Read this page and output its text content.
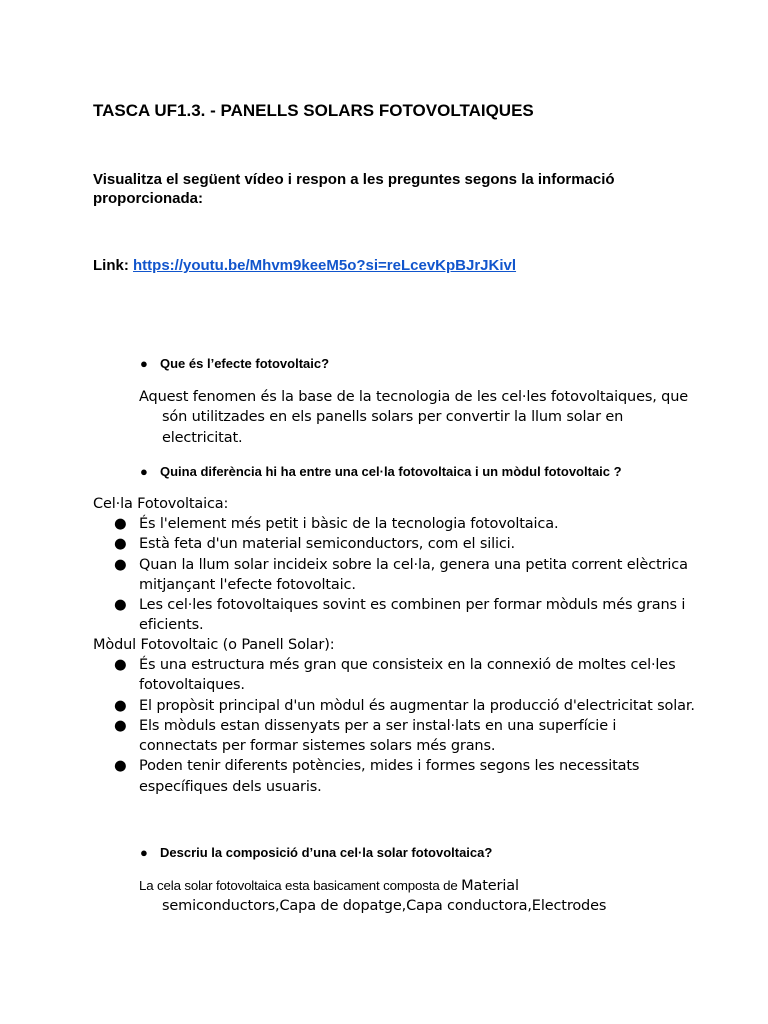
TASCA UF1.3. - PANELLS SOLARS FOTOVOLTAIQUES
Visualitza el següent vídeo i respon a les preguntes segons la informació
proporcionada:
Link: https://youtu.be/Mhvm9keeM5o?si=reLcevKpBJrJKivl
● Que és l’efecte fotovoltaic?
Aquest fenomen és la base de la tecnologia de les cel·les fotovoltaiques, que
són utilitzades en els panells solars per convertir la llum solar en
electricitat.
● Quina diferència hi ha entre una cel·la fotovoltaica i un mòdul fotovoltaic ?
Cel·la Fotovoltaica:
● És l'element més petit i bàsic de la tecnologia fotovoltaica.
● Està feta d'un material semiconductors, com el silici.
● Quan la llum solar incideix sobre la cel·la, genera una petita corrent elèctrica
mitjançant l'efecte fotovoltaic.
● Les cel·les fotovoltaiques sovint es combinen per formar mòduls més grans i
eficients.
Mòdul Fotovoltaic (o Panell Solar):
● És una estructura més gran que consisteix en la connexió de moltes cel·les
fotovoltaiques.
● El propòsit principal d'un mòdul és augmentar la producció d'electricitat solar.
● Els mòduls estan dissenyats per a ser instal·lats en una superfície i
connectats per formar sistemes solars més grans.
● Poden tenir diferents potències, mides i formes segons les necessitats
específiques dels usuaris.
● Descriu la composició d’una cel·la solar fotovoltaica?
La cela solar fotovoltaica esta basicament composta de Material
semiconductors,Capa de dopatge,Capa conductora,Electrodes
